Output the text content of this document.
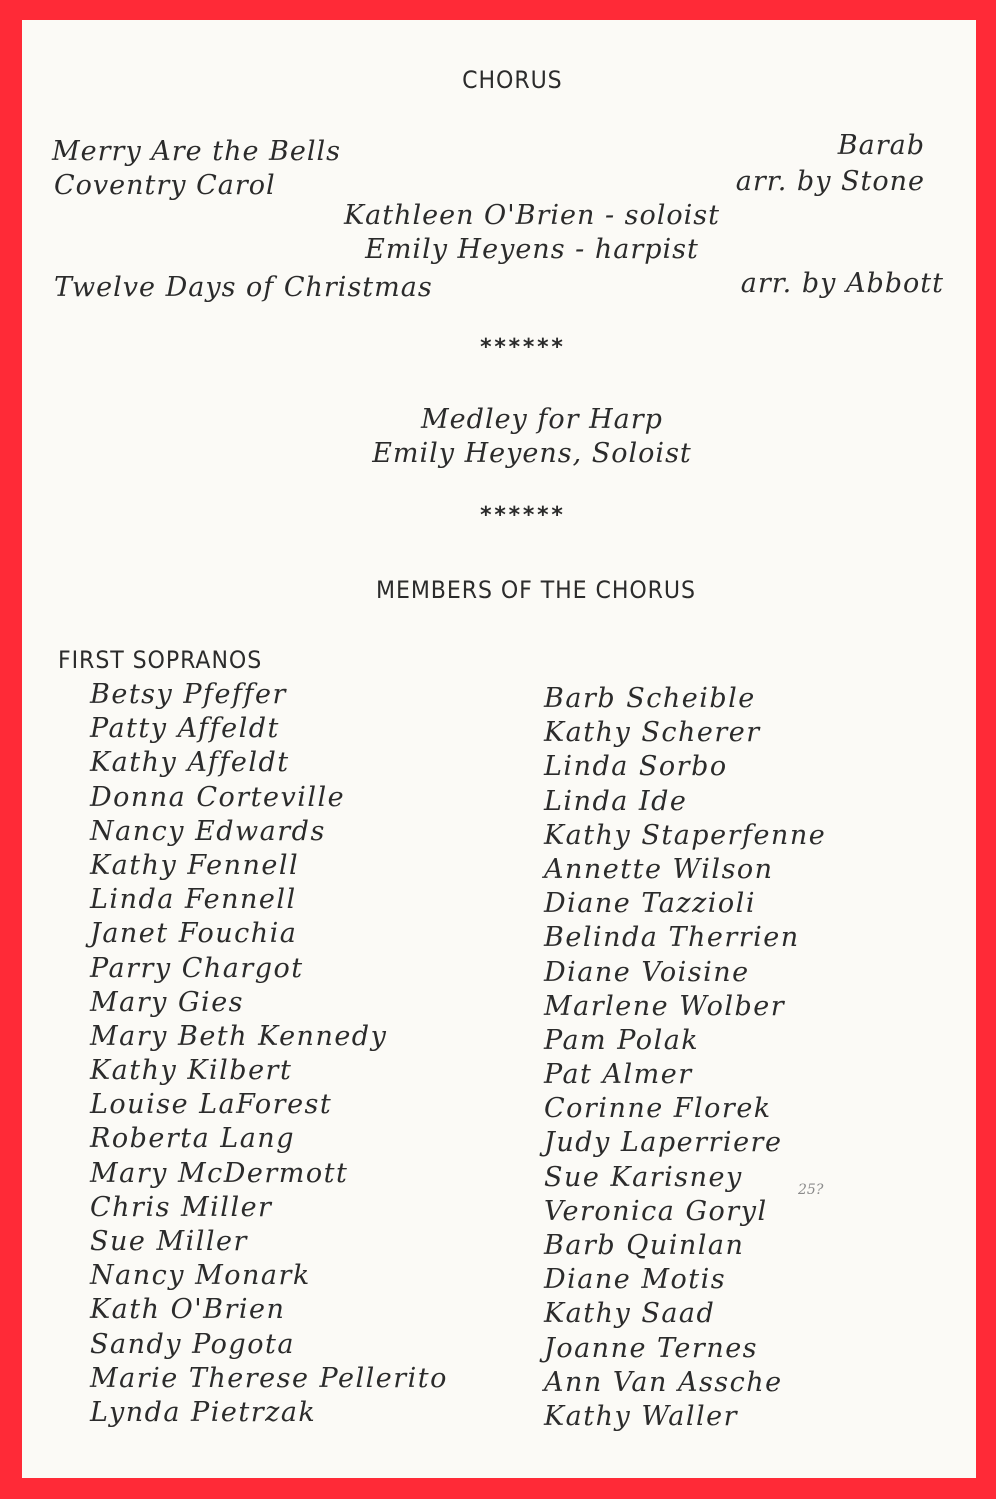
CHORUS
Merry Are the Bells	Barab
Coventry Carol	arr. by Stone
Kathleen O'Brien - soloist
Emily Heyens - harpist
Twelve Days of Christmas	arr. by Abbott
******
Medley for Harp
Emily Heyens, Soloist
******
MEMBERS OF THE CHORUS
FIRST SOPRANOS
Betsy Pfeffer
Patty Affeldt
Kathy Affeldt
Donna Corteville
Nancy Edwards
Kathy Fennell
Linda Fennell
Janet Fouchia
Parry Chargot
Mary Gies
Mary Beth Kennedy
Kathy Kilbert
Louise LaForest
Roberta Lang
Mary McDermott
Chris Miller
Sue Miller
Nancy Monark
Kath O'Brien
Sandy Pogota
Marie Therese Pellerito
Lynda Pietrzak
Barb Scheible
Kathy Scherer
Linda Sorbo
Linda Ide
Kathy Staperfenne
Annette Wilson
Diane Tazzioli
Belinda Therrien
Diane Voisine
Marlene Wolber
Pam Polak
Pat Almer
Corinne Florek
Judy Laperriere
Sue Karisney
Veronica Goryl
Barb Quinlan
Diane Motis
Kathy Saad
Joanne Ternes
Ann Van Assche
Kathy Waller
25?
